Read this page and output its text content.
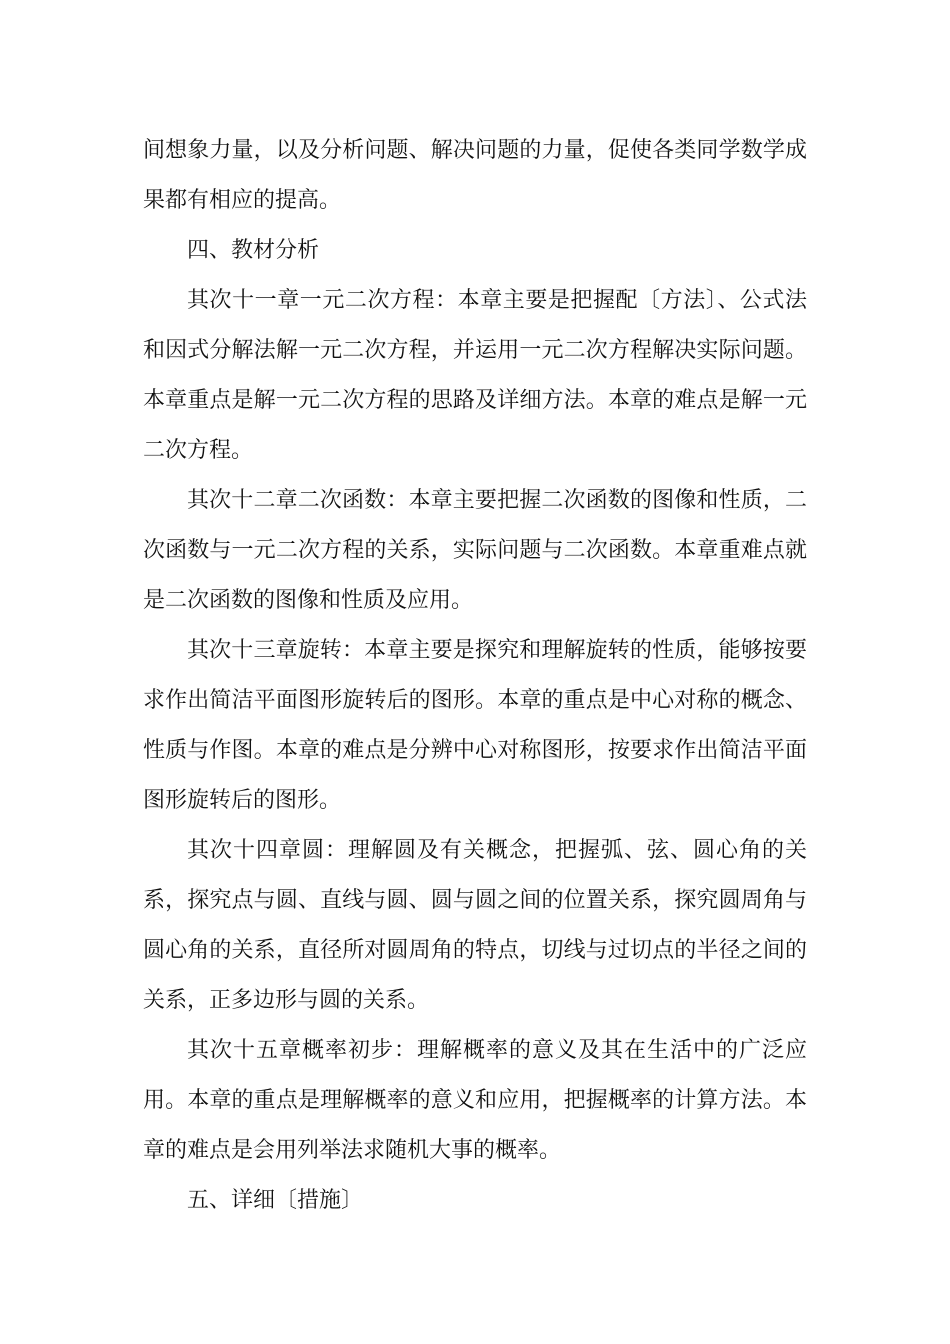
间想象力量，以及分析问题、解决问题的力量，促使各类同学数学成果都有相应的提高。

四、教材分析

其次十一章一元二次方程：本章主要是把握配〔方法〕、公式法和因式分解法解一元二次方程，并运用一元二次方程解决实际问题。本章重点是解一元二次方程的思路及详细方法。本章的难点是解一元二次方程。

其次十二章二次函数：本章主要把握二次函数的图像和性质，二次函数与一元二次方程的关系，实际问题与二次函数。本章重难点就是二次函数的图像和性质及应用。

其次十三章旋转：本章主要是探究和理解旋转的性质，能够按要求作出简洁平面图形旋转后的图形。本章的重点是中心对称的概念、性质与作图。本章的难点是分辨中心对称图形，按要求作出简洁平面图形旋转后的图形。

其次十四章圆：理解圆及有关概念，把握弧、弦、圆心角的关系，探究点与圆、直线与圆、圆与圆之间的位置关系，探究圆周角与圆心角的关系，直径所对圆周角的特点，切线与过切点的半径之间的关系，正多边形与圆的关系。

其次十五章概率初步：理解概率的意义及其在生活中的广泛应用。本章的重点是理解概率的意义和应用，把握概率的计算方法。本章的难点是会用列举法求随机大事的概率。

五、详细〔措施〕
